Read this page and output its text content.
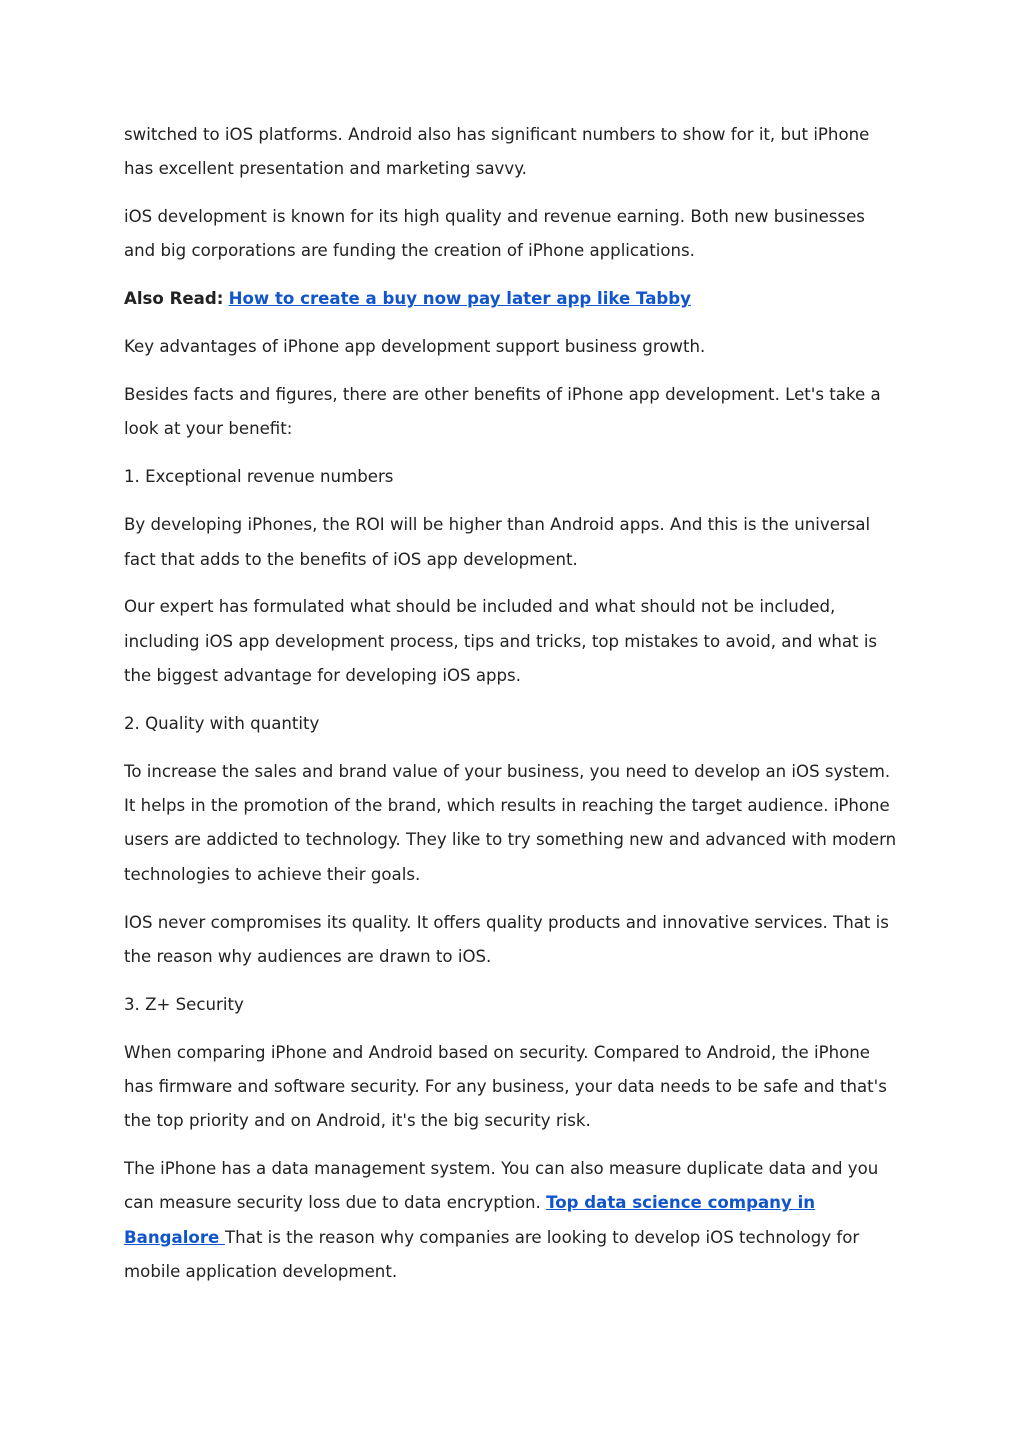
switched to iOS platforms. Android also has significant numbers to show for it, but iPhone has excellent presentation and marketing savvy.

iOS development is known for its high quality and revenue earning. Both new businesses and big corporations are funding the creation of iPhone applications.

Also Read: How to create a buy now pay later app like Tabby

Key advantages of iPhone app development support business growth.

Besides facts and figures, there are other benefits of iPhone app development. Let's take a look at your benefit:

1. Exceptional revenue numbers

By developing iPhones, the ROI will be higher than Android apps. And this is the universal fact that adds to the benefits of iOS app development.

Our expert has formulated what should be included and what should not be included, including iOS app development process, tips and tricks, top mistakes to avoid, and what is the biggest advantage for developing iOS apps.

2. Quality with quantity

To increase the sales and brand value of your business, you need to develop an iOS system. It helps in the promotion of the brand, which results in reaching the target audience. iPhone users are addicted to technology. They like to try something new and advanced with modern technologies to achieve their goals.

IOS never compromises its quality. It offers quality products and innovative services. That is the reason why audiences are drawn to iOS.

3. Z+ Security

When comparing iPhone and Android based on security. Compared to Android, the iPhone has firmware and software security. For any business, your data needs to be safe and that's the top priority and on Android, it's the big security risk.

The iPhone has a data management system. You can also measure duplicate data and you can measure security loss due to data encryption. Top data science company in Bangalore That is the reason why companies are looking to develop iOS technology for mobile application development.
